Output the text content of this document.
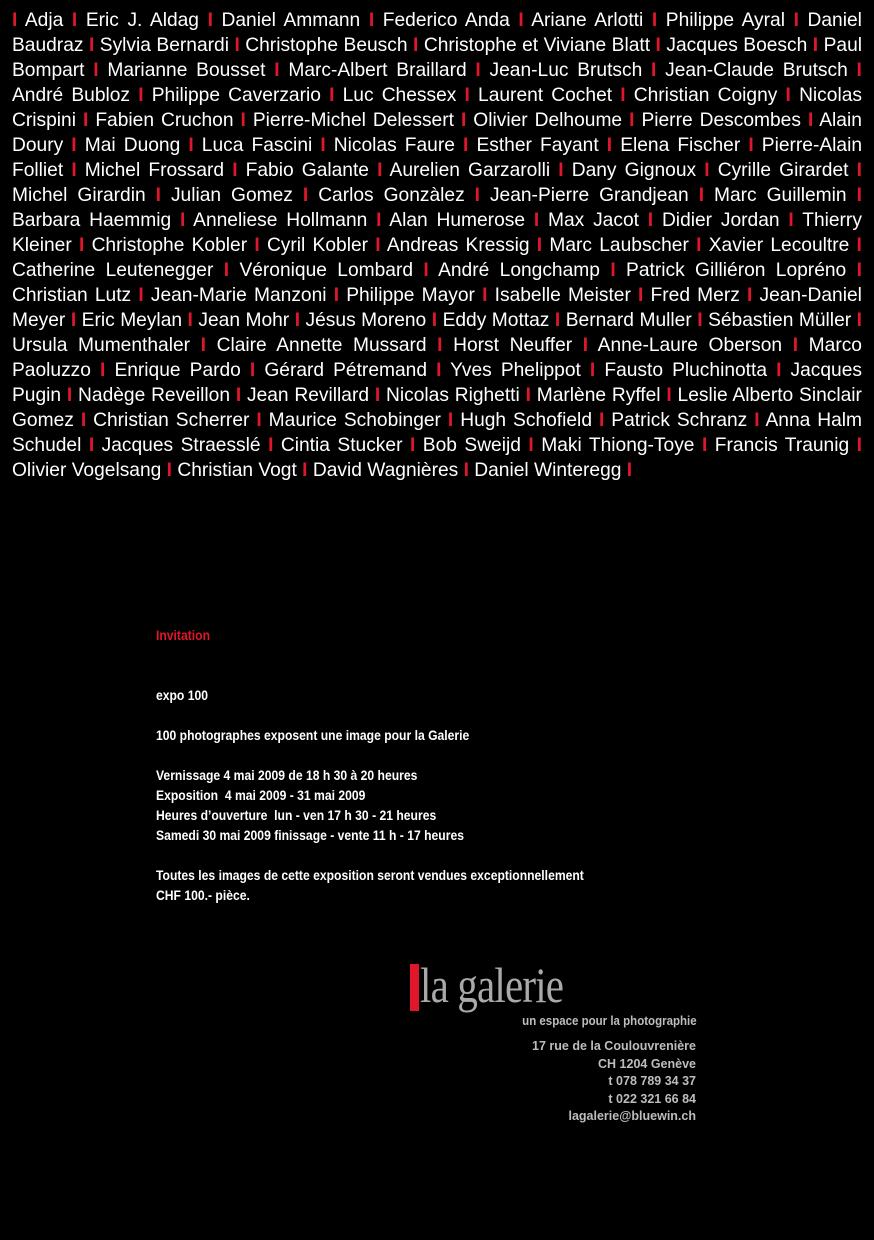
I Adja I Eric J. Aldag I Daniel Ammann I Federico Anda I Ariane Arlotti I Philippe Ayral I Daniel Baudraz I Sylvia Bernardi I Christophe Beusch I Christophe et Viviane Blatt I Jacques Boesch I Paul Bompart I Marianne Bousset I Marc-Albert Braillard I Jean-Luc Brutsch I Jean-Claude Brutsch I André Bubloz I Philippe Caverzario I Luc Chessex I Laurent Cochet I Christian Coigny I Nicolas Crispini I Fabien Cruchon I Pierre-Michel Delessert I Olivier Delhoume I Pierre Descombes I Alain Doury I Mai Duong I Luca Fascini I Nicolas Faure I Esther Fayant I Elena Fischer I Pierre-Alain Folliet I Michel Frossard I Fabio Galante I Aurelien Garzarolli I Dany Gignoux I Cyrille Girardet I Michel Girardin I Julian Gomez I Carlos Gonzàlez I Jean-Pierre Grandjean I Marc Guillemin I Barbara Haemmig I Anneliese Hollmann I Alan Humerose I Max Jacot I Didier Jordan I Thierry Kleiner I Christophe Kobler I Cyril Kobler I Andreas Kressig I Marc Laubscher I Xavier Lecoultre I Catherine Leutenegger I Véronique Lombard I André Longchamp I Patrick Gilliéron Lopréno I Christian Lutz I Jean-Marie Manzoni I Philippe Mayor I Isabelle Meister I Fred Merz I Jean-Daniel Meyer I Eric Meylan I Jean Mohr I Jésus Moreno I Eddy Mottaz I Bernard Muller I Sébastien Müller I Ursula Mumenthaler I Claire Annette Mussard I Horst Neuffer I Anne-Laure Oberson I Marco Paoluzzo I Enrique Pardo I Gérard Pétremand I Yves Phelippot I Fausto Pluchinotta I Jacques Pugin I Nadège Reveillon I Jean Revillard I Nicolas Righetti I Marlène Ryffel I Leslie Alberto Sinclair Gomez I Christian Scherrer I Maurice Schobinger I Hugh Schofield I Patrick Schranz I Anna Halm Schudel I Jacques Straesslé I Cintia Stucker I Bob Sweijd I Maki Thiong-Toye I Francis Traunig I Olivier Vogelsang I Christian Vogt I David Wagnières I Daniel Winteregg I

Invitation

expo 100

100 photographes exposent une image pour la Galerie

Vernissage 4 mai 2009 de 18 h 30 à 20 heures

Exposition  4 mai 2009 - 31 mai 2009

Heures d’ouverture  lun - ven 17 h 30 - 21 heures

Samedi 30 mai 2009 finissage - vente 11 h - 17 heures

Toutes les images de cette exposition seront vendues exceptionnellement

CHF 100.- pièce.

la galerie
un espace pour la photographie
17 rue de la Coulouvrenière
CH 1204 Genève
t 078 789 34 37
t 022 321 66 84
lagalerie@bluewin.ch
